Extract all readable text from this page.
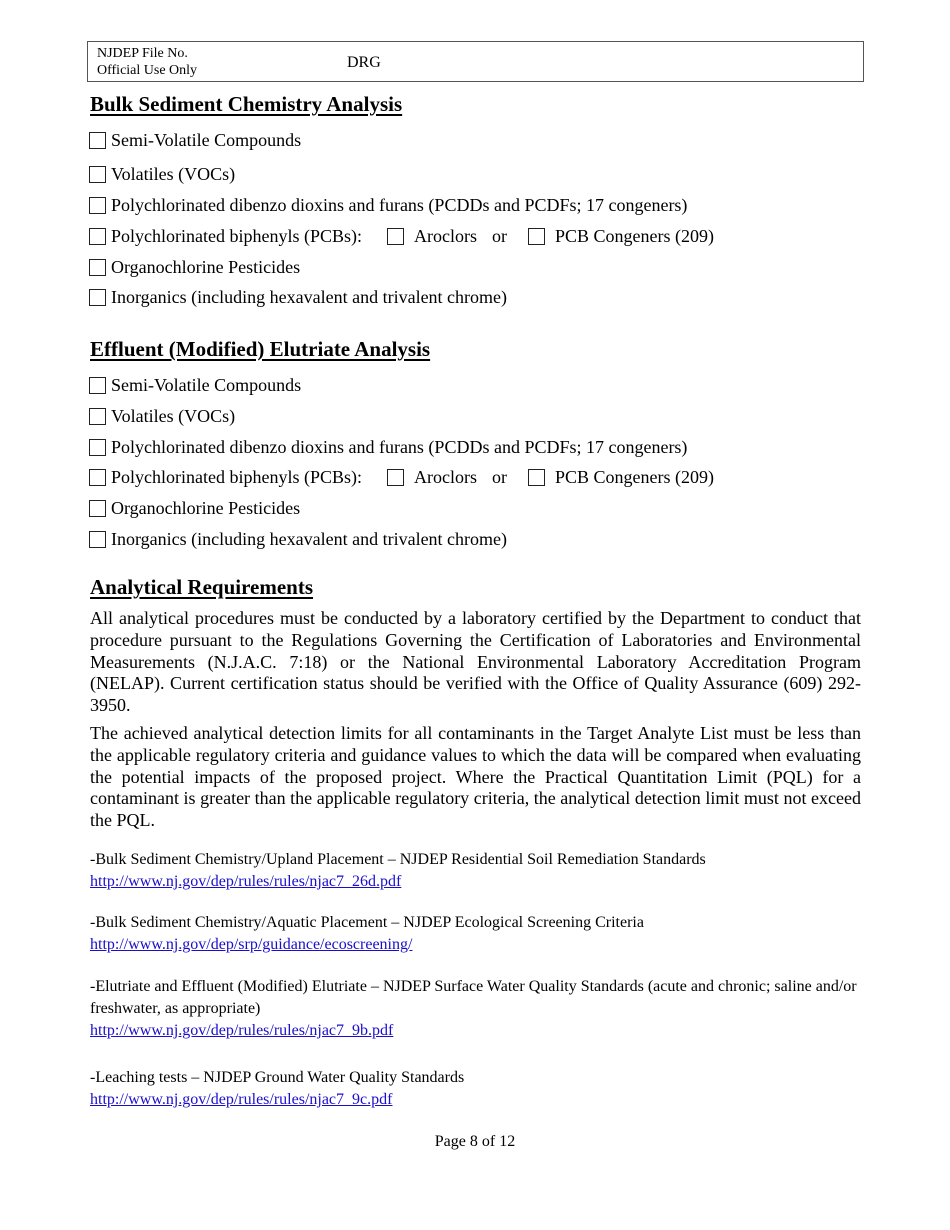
NJDEP File No.
Official Use Only	DRG
Bulk Sediment Chemistry Analysis
Semi-Volatile Compounds
Volatiles (VOCs)
Polychlorinated dibenzo dioxins and furans (PCDDs and PCDFs; 17 congeners)
Polychlorinated biphenyls (PCBs):	Aroclors or	PCB Congeners (209)
Organochlorine Pesticides
Inorganics (including hexavalent and trivalent chrome)
Effluent (Modified) Elutriate Analysis
Semi-Volatile Compounds
Volatiles (VOCs)
Polychlorinated dibenzo dioxins and furans (PCDDs and PCDFs; 17 congeners)
Polychlorinated biphenyls (PCBs):	Aroclors or	PCB Congeners (209)
Organochlorine Pesticides
Inorganics (including hexavalent and trivalent chrome)
Analytical Requirements
All analytical procedures must be conducted by a laboratory certified by the Department to conduct that procedure pursuant to the Regulations Governing the Certification of Laboratories and Environmental Measurements (N.J.A.C. 7:18) or the National Environmental Laboratory Accreditation Program (NELAP). Current certification status should be verified with the Office of Quality Assurance (609) 292-3950.
The achieved analytical detection limits for all contaminants in the Target Analyte List must be less than the applicable regulatory criteria and guidance values to which the data will be compared when evaluating the potential impacts of the proposed project. Where the Practical Quantitation Limit (PQL) for a contaminant is greater than the applicable regulatory criteria, the analytical detection limit must not exceed the PQL.
-Bulk Sediment Chemistry/Upland Placement – NJDEP Residential Soil Remediation Standards
http://www.nj.gov/dep/rules/rules/njac7_26d.pdf
-Bulk Sediment Chemistry/Aquatic Placement – NJDEP Ecological Screening Criteria
http://www.nj.gov/dep/srp/guidance/ecoscreening/
-Elutriate and Effluent (Modified) Elutriate – NJDEP Surface Water Quality Standards (acute and chronic; saline and/or freshwater, as appropriate)
http://www.nj.gov/dep/rules/rules/njac7_9b.pdf
-Leaching tests – NJDEP Ground Water Quality Standards
http://www.nj.gov/dep/rules/rules/njac7_9c.pdf
Page 8 of 12
